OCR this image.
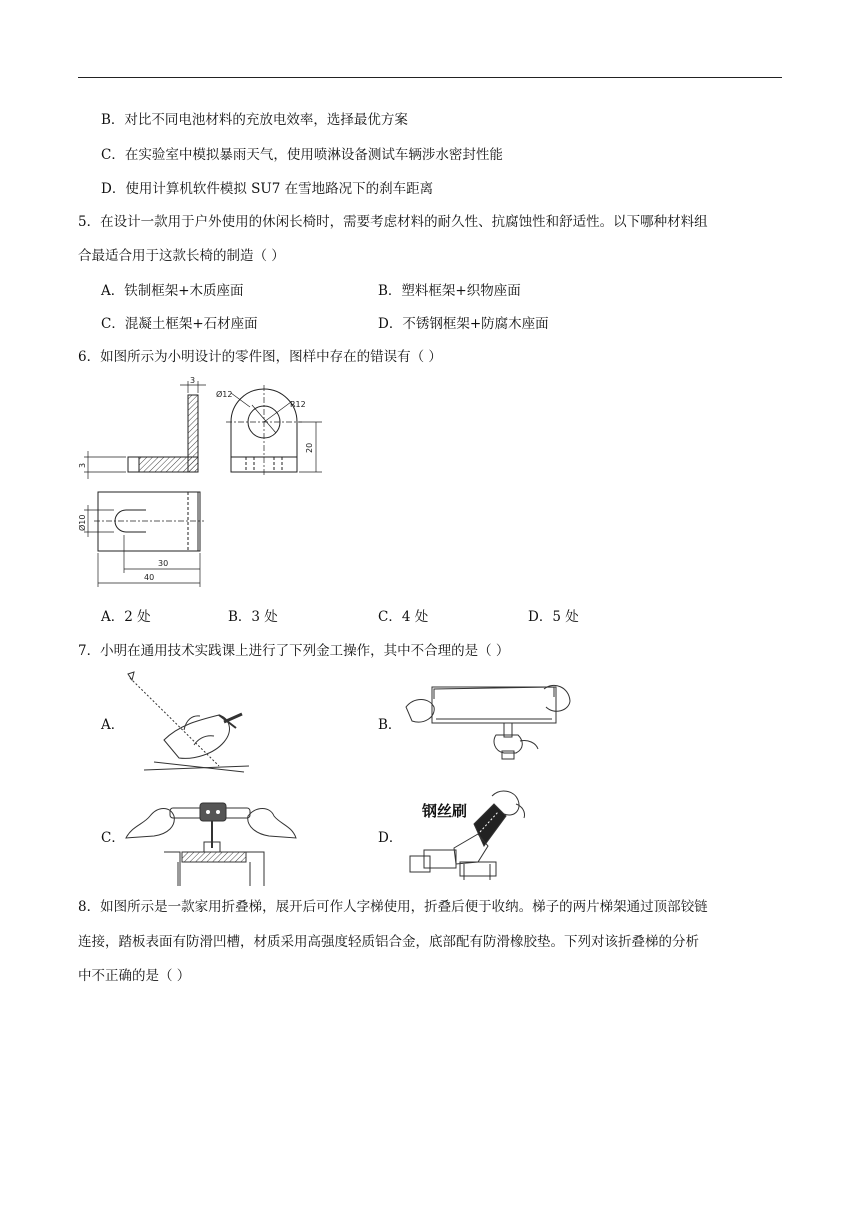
B．对比不同电池材料的充放电效率，选择最优方案
C．在实验室中模拟暴雨天气，使用喷淋设备测试车辆涉水密封性能
D．使用计算机软件模拟 SU7 在雪地路况下的刹车距离
5．在设计一款用于户外使用的休闲长椅时，需要考虑材料的耐久性、抗腐蚀性和舒适性。以下哪种材料组
合最适合用于这款长椅的制造（ ）
A．铁制框架+木质座面	B．塑料框架+织物座面
C．混凝土框架+石材座面	D．不锈钢框架+防腐木座面
6．如图所示为小明设计的零件图，图样中存在的错误有（ ）
3
Ø12
R12
20
3
Ø10
30
40
A．2 处	B．3 处	C．4 处	D．5 处
7．小明在通用技术实践课上进行了下列金工操作，其中不合理的是（ ）
A．	B．
C．	D．
钢丝刷
8．如图所示是一款家用折叠梯，展开后可作人字梯使用，折叠后便于收纳。梯子的两片梯架通过顶部铰链
连接，踏板表面有防滑凹槽，材质采用高强度轻质铝合金，底部配有防滑橡胶垫。下列对该折叠梯的分析
中不正确的是（ ）
